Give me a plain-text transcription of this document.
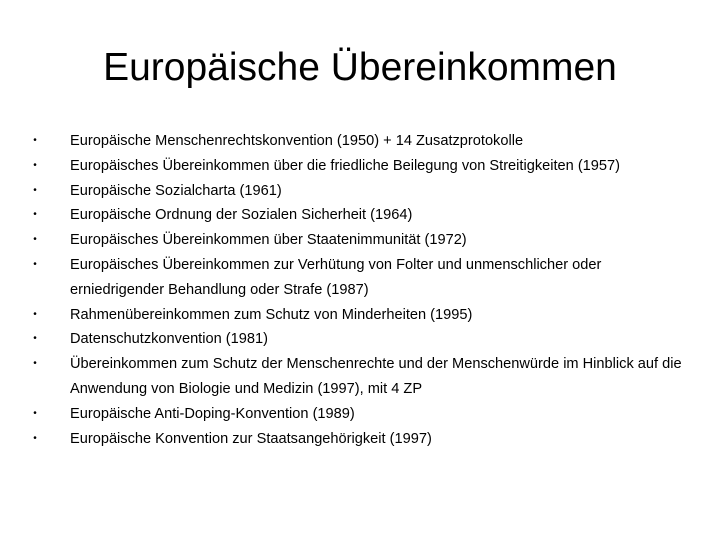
Europäische Übereinkommen
• Europäische Menschenrechtskonvention (1950) + 14 Zusatzprotokolle
• Europäisches Übereinkommen über die friedliche Beilegung von Streitigkeiten (1957)
• Europäische Sozialcharta (1961)
• Europäische Ordnung der Sozialen Sicherheit (1964)
• Europäisches Übereinkommen über Staatenimmunität (1972)
• Europäisches Übereinkommen zur Verhütung von Folter und unmenschlicher oder erniedrigender Behandlung oder Strafe (1987)
• Rahmenübereinkommen zum Schutz von Minderheiten (1995)
• Datenschutzkonvention (1981)
• Übereinkommen zum Schutz der Menschenrechte und der Menschenwürde im Hinblick auf die Anwendung von Biologie und Medizin (1997), mit 4 ZP
• Europäische Anti-Doping-Konvention (1989)
• Europäische Konvention zur Staatsangehörigkeit (1997)
